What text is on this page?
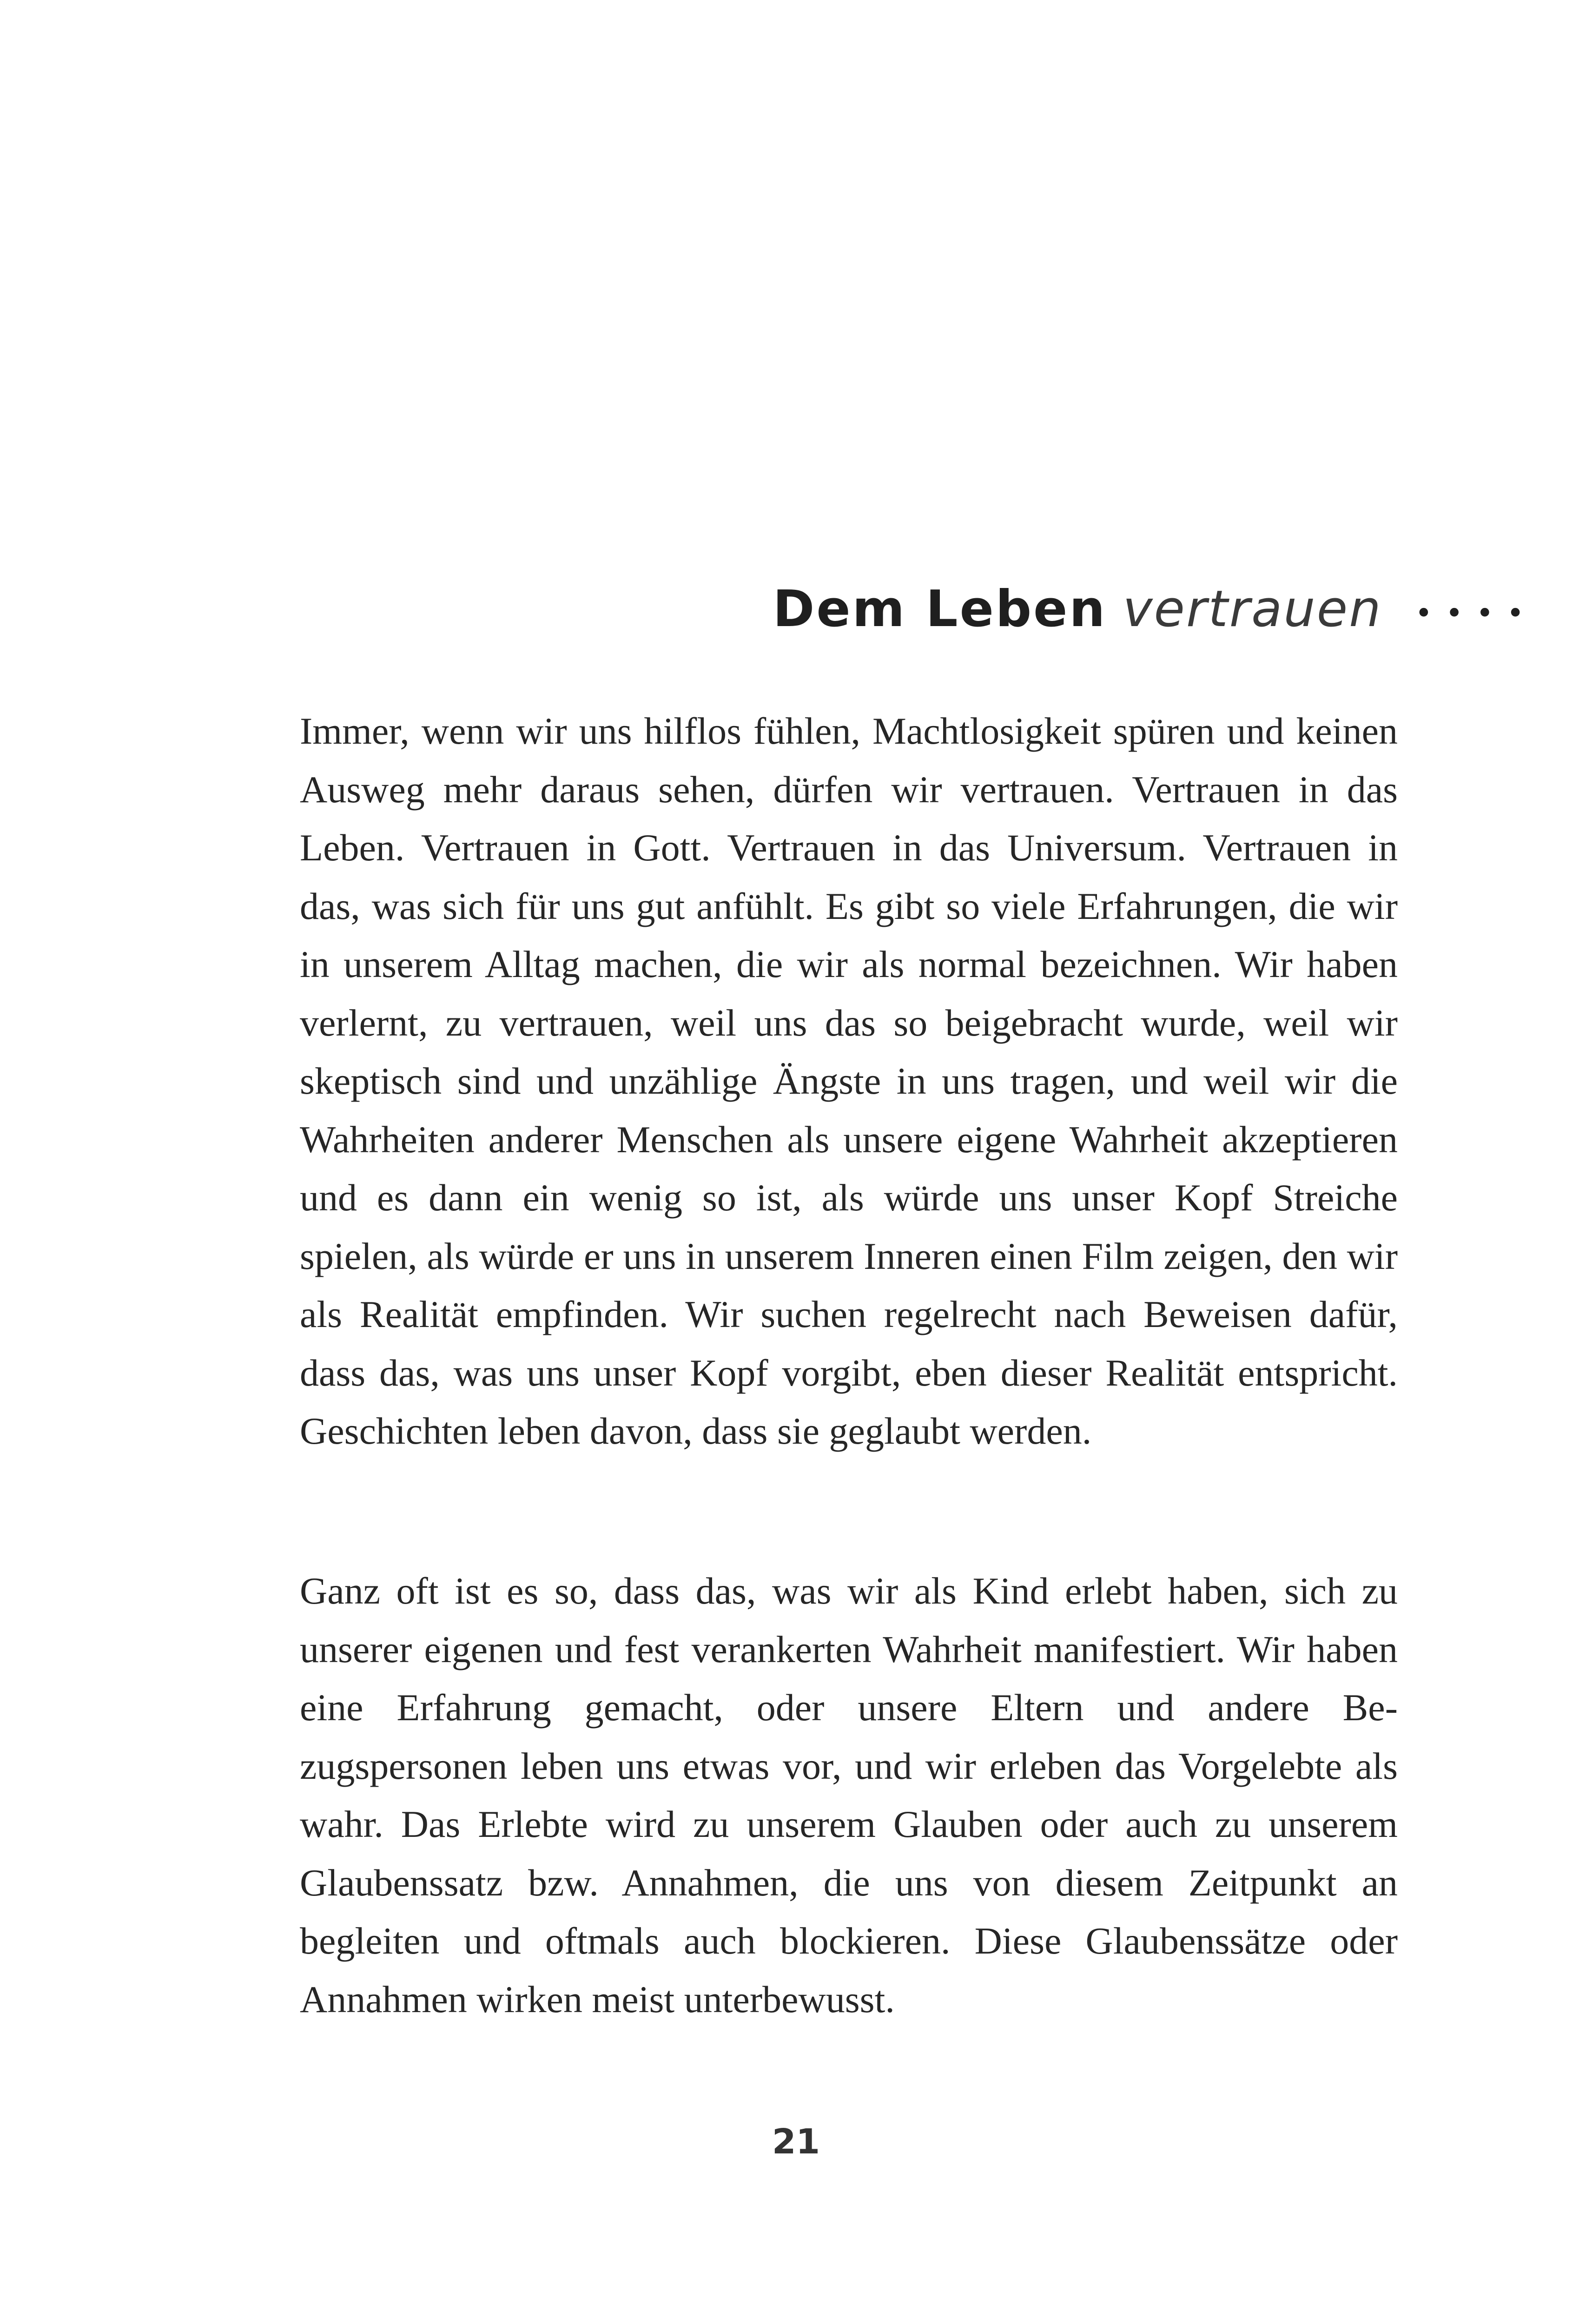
Dem Leben vertrauen ••••

Immer, wenn wir uns hilflos fühlen, Machtlosigkeit spüren und keinen Ausweg mehr daraus sehen, dürfen wir vertrauen. Vertrauen in das Leben. Vertrauen in Gott. Vertrauen in das Universum. Vertrauen in das, was sich für uns gut anfühlt. Es gibt so viele Erfahrungen, die wir in unserem Alltag machen, die wir als normal bezeichnen. Wir haben verlernt, zu vertrauen, weil uns das so beigebracht wurde, weil wir skeptisch sind und unzählige Ängste in uns tragen, und weil wir die Wahrheiten anderer Menschen als unsere eigene Wahrheit akzeptieren und es dann ein wenig so ist, als würde uns unser Kopf Streiche spielen, als würde er uns in unserem Inneren einen Film zeigen, den wir als Realität empfinden. Wir suchen regelrecht nach Beweisen dafür, dass das, was uns unser Kopf vorgibt, eben dieser Realität entspricht. Geschichten leben davon, dass sie geglaubt werden.

Ganz oft ist es so, dass das, was wir als Kind erlebt haben, sich zu unserer eigenen und fest verankerten Wahrheit manifestiert. Wir haben eine Erfahrung gemacht, oder unsere Eltern und andere Bezugspersonen leben uns etwas vor, und wir erleben das Vorgelebte als wahr. Das Erlebte wird zu unserem Glauben oder auch zu unserem Glaubenssatz bzw. Annahmen, die uns von diesem Zeitpunkt an begleiten und oftmals auch blockieren. Diese Glaubenssätze oder Annahmen wirken meist unterbewusst.

21
